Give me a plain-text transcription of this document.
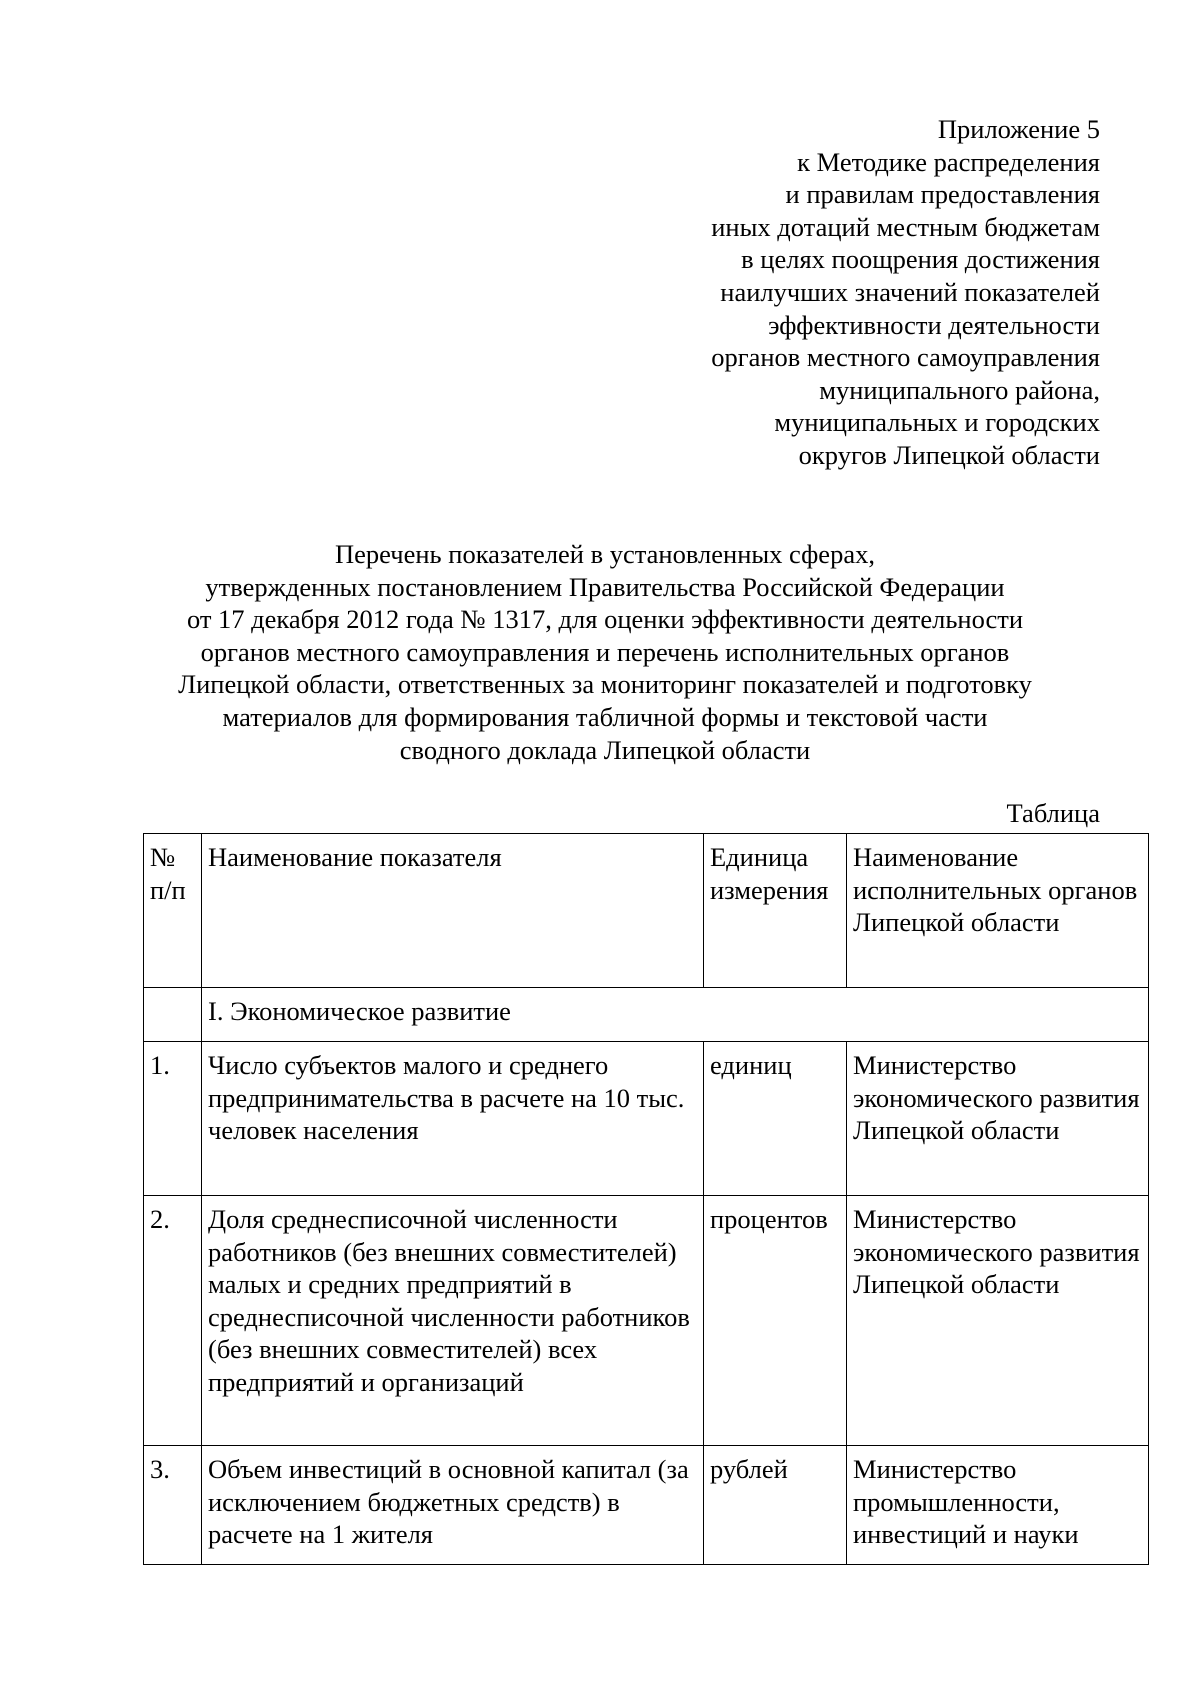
Приложение 5
к Методике распределения
и правилам предоставления
иных дотаций местным бюджетам
в целях поощрения достижения
наилучших значений показателей
эффективности деятельности
органов местного самоуправления
муниципального района,
муниципальных и городских
округов Липецкой области
Перечень показателей в установленных сферах,
утвержденных постановлением Правительства Российской Федерации
от 17 декабря 2012 года № 1317, для оценки эффективности деятельности
органов местного самоуправления и перечень исполнительных органов
Липецкой области, ответственных за мониторинг показателей и подготовку
материалов для формирования табличной формы и текстовой части
сводного доклада Липецкой области
Таблица
№ п/п	Наименование показателя	Единица измерения	Наименование исполнительных органов Липецкой области

	I. Экономическое развитие		
1.	Число субъектов малого и среднего предпринимательства в расчете на 10 тыс. человек населения	единиц	Министерство экономического развития Липецкой области
2.	Доля среднесписочной численности работников (без внешних совместителей) малых и средних предприятий в среднесписочной численности работников (без внешних совместителей) всех предприятий и организаций	процентов	Министерство экономического развития Липецкой области
3.	Объем инвестиций в основной капитал (за исключением бюджетных средств) в расчете на 1 жителя	рублей	Министерство промышленности, инвестиций и науки
